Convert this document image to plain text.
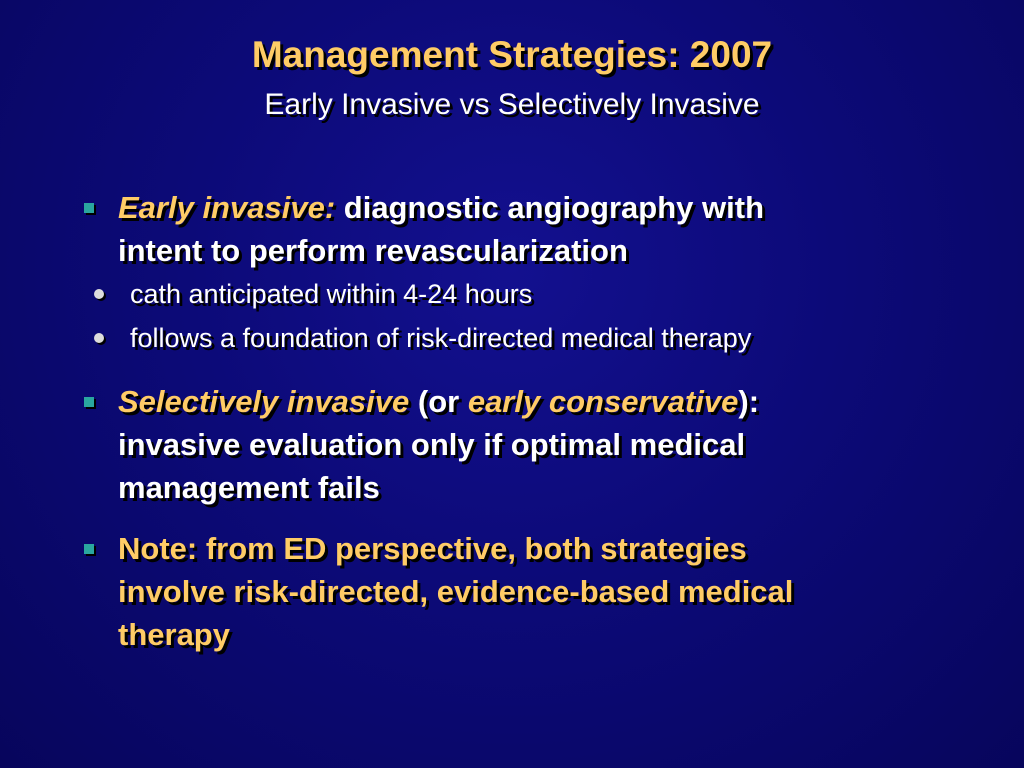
Management Strategies: 2007
Early Invasive vs Selectively Invasive
Early invasive: diagnostic angiography with
intent to perform revascularization
cath anticipated within 4-24 hours
follows a foundation of risk-directed medical therapy
Selectively invasive (or early conservative):
invasive evaluation only if optimal medical
management fails
Note: from ED perspective, both strategies
involve risk-directed, evidence-based medical
therapy
